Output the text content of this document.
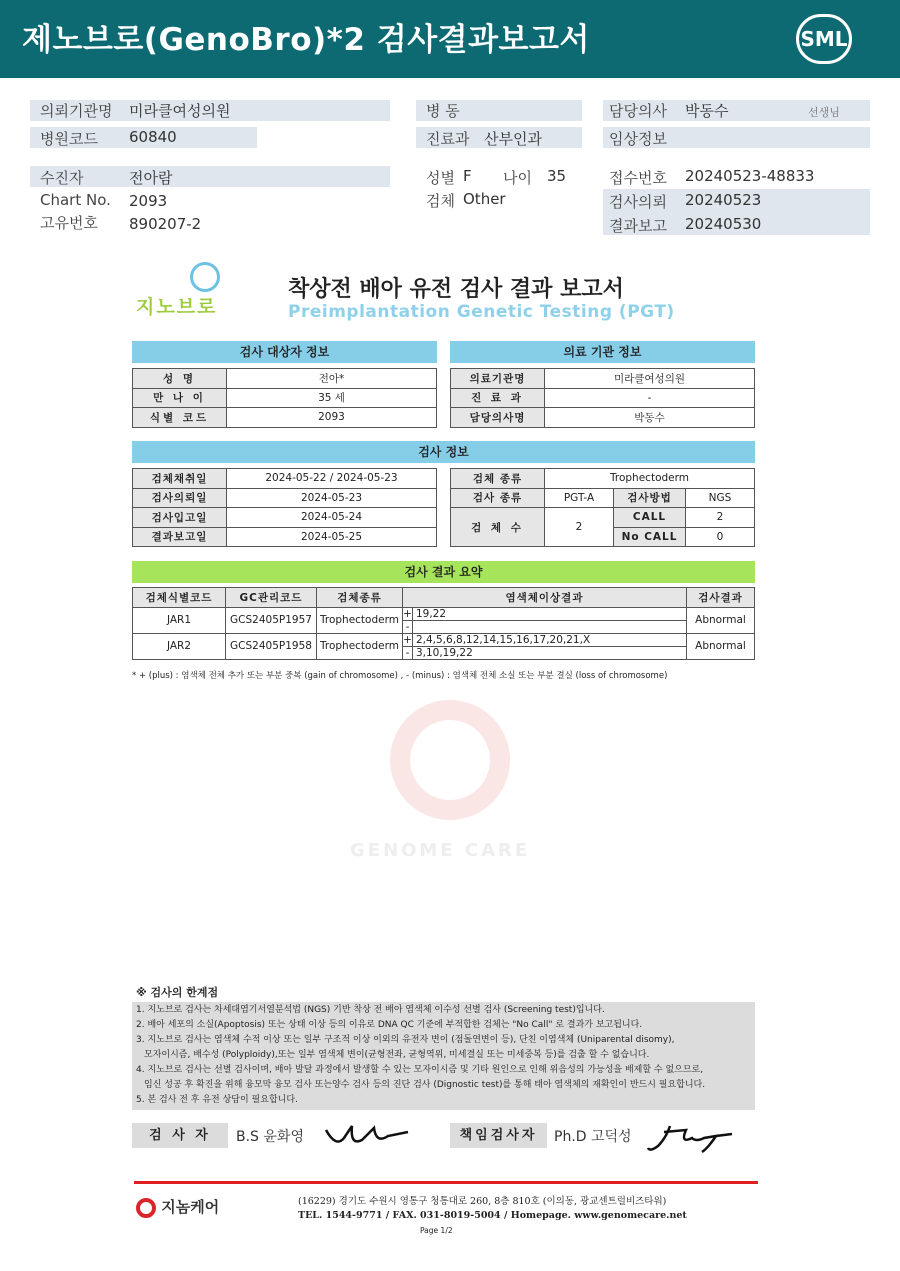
제노브로(GenoBro)*2 검사결과보고서	SML
의뢰기관명 미라클여성의원
병원코드 60840
병 동
진료과 산부인과
담당의사 박동수	선생님
임상정보
수진자	전아람
Chart No. 2093
고유번호 890207-2
성별 F 나이 35
검체 Other
접수번호 20240523-48833
검사의뢰 20240523
결과보고 20240530
지노브로
착상전 배아 유전 검사 결과 보고서
Preimplantation Genetic Testing (PGT)
검사 대상자 정보	의료 기관 정보
성 명	전아*
만 나 이	35 세
식별 코드	2093
의료기관명	미라클여성의원
진 료 과	-
담당의사명	박동수
검사 정보
검체채취일	2024-05-22 / 2024-05-23
검사의뢰일	2024-05-23
검사입고일	2024-05-24
결과보고일	2024-05-25
검체 종류	Trophectoderm		
검사 종류	PGT-A	검사방법	NGS
검 체 수	2	CALL	2
		No CALL	0
검사 결과 요약
검체식별코드	GC관리코드	검체종류	염색체이상결과		검사결과
JAR1	GCS2405P1957	Trophectoderm	+	19,22	Abnormal
			-		
JAR2	GCS2405P1958	Trophectoderm	+	2,4,5,6,8,12,14,15,16,17,20,21,X	Abnormal
			-	3,10,19,22	
* + (plus) : 염색체 전체 추가 또는 부분 중복 (gain of chromosome) , - (minus) : 염색체 전체 소실 또는 부분 결실 (loss of chromosome)
GENOME CARE
※ 검사의 한계점
1. 지노브로 검사는 차세대염기서열분석법 (NGS) 기반 착상 전 배아 염색체 이수성 선별 검사 (Screening test)입니다.
2. 배아 세포의 소실(Apoptosis) 또는 상태 이상 등의 이유로 DNA QC 기준에 부적합한 검체는 "No Call" 로 결과가 보고됩니다.
3. 지노브로 검사는 염색체 수적 이상 또는 일부 구조적 이상 이외의 유전자 변이 (점돌연변이 등), 단친 이염색체 (Uniparental disomy),
모자이시즘, 배수성 (Polyploidy),또는 일부 염색체 변이(균형전좌, 균형역위, 미세결실 또는 미세중복 등)를 검출 할 수 없습니다.
4. 지노브로 검사는 선별 검사이며, 배아 발달 과정에서 발생할 수 있는 모자이시즘 및 기타 원인으로 인해 위음성의 가능성을 배제할 수 없으므로,
임신 성공 후 확진을 위해 융모막 융모 검사 또는양수 검사 등의 진단 검사 (Dignostic test)를 통해 태아 염색체의 재확인이 반드시 필요합니다.
5. 본 검사 전 후 유전 상담이 필요합니다.
검 사 자	B.S 윤화영	책임검사자	Ph.D 고덕성
지놈케어	(16229) 경기도 수원시 영통구 청통대로 260, 8층 810호 (이의동, 광교센트럴비즈타워)
TEL. 1544-9771 / FAX. 031-8019-5004 / Homepage. www.genomecare.net
Page 1/2
